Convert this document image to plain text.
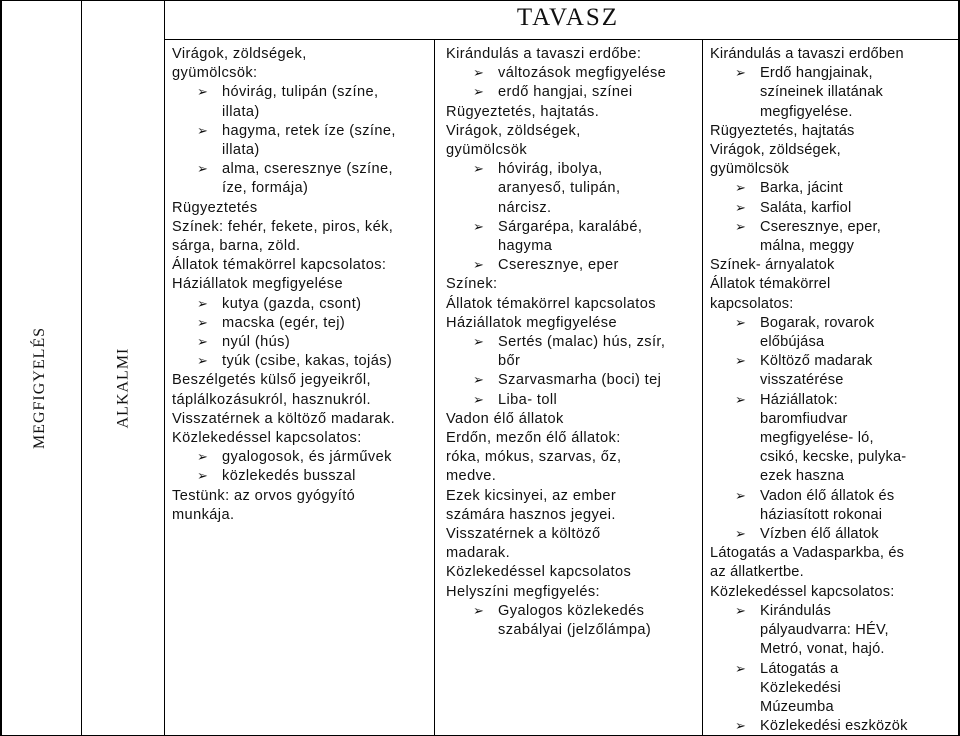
MEGFIGYELÉS	ALKALMI
TAVASZ
Virágok, zöldségek,
gyümölcsök:
➢ hóvirág, tulipán (színe,
illata)
➢ hagyma, retek íze (színe,
illata)
➢ alma, cseresznye (színe,
íze, formája)
Rügyeztetés
Színek: fehér, fekete, piros, kék,
sárga, barna, zöld.
Állatok témakörrel kapcsolatos:
Háziállatok megfigyelése
➢ kutya (gazda, csont)
➢ macska (egér, tej)
➢ nyúl (hús)
➢ tyúk (csibe, kakas, tojás)
Beszélgetés külső jegyeikről,
táplálkozásukról, hasznukról.
Visszatérnek a költöző madarak.
Közlekedéssel kapcsolatos:
➢ gyalogosok, és járművek
➢ közlekedés busszal
Testünk: az orvos gyógyító
munkája.
Kirándulás a tavaszi erdőbe:
➢ változások megfigyelése
➢ erdő hangjai, színei
Rügyeztetés, hajtatás.
Virágok, zöldségek,
gyümölcsök
➢ hóvirág, ibolya,
aranyeső, tulipán,
nárcisz.
➢ Sárgarépa, karalábé,
hagyma
➢ Cseresznye, eper
Színek:
Állatok témakörrel kapcsolatos
Háziállatok megfigyelése
➢ Sertés (malac) hús, zsír,
bőr
➢ Szarvasmarha (boci) tej
➢ Liba- toll
Vadon élő állatok
Erdőn, mezőn élő állatok:
róka, mókus, szarvas, őz,
medve.
Ezek kicsinyei, az ember
számára hasznos jegyei.
Visszatérnek a költöző
madarak.
Közlekedéssel kapcsolatos
Helyszíni megfigyelés:
➢ Gyalogos közlekedés
szabályai (jelzőlámpa)
Kirándulás a tavaszi erdőben
➢ Erdő hangjainak,
színeinek illatának
megfigyelése.
Rügyeztetés, hajtatás
Virágok, zöldségek,
gyümölcsök
➢ Barka, jácint
➢ Saláta, karfiol
➢ Cseresznye, eper,
málna, meggy
Színek- árnyalatok
Állatok témakörrel
kapcsolatos:
➢ Bogarak, rovarok
előbújása
➢ Költöző madarak
visszatérése
➢ Háziállatok:
baromfiudvar
megfigyelése- ló,
csikó, kecske, pulyka-
ezek haszna
➢ Vadon élő állatok és
háziasított rokonai
➢ Vízben élő állatok
Látogatás a Vadasparkba, és
az állatkertbe.
Közlekedéssel kapcsolatos:
➢ Kirándulás
pályaudvarra: HÉV,
Metró, vonat, hajó.
➢ Látogatás a
Közlekedési
Múzeumba
➢ Közlekedési eszközök
